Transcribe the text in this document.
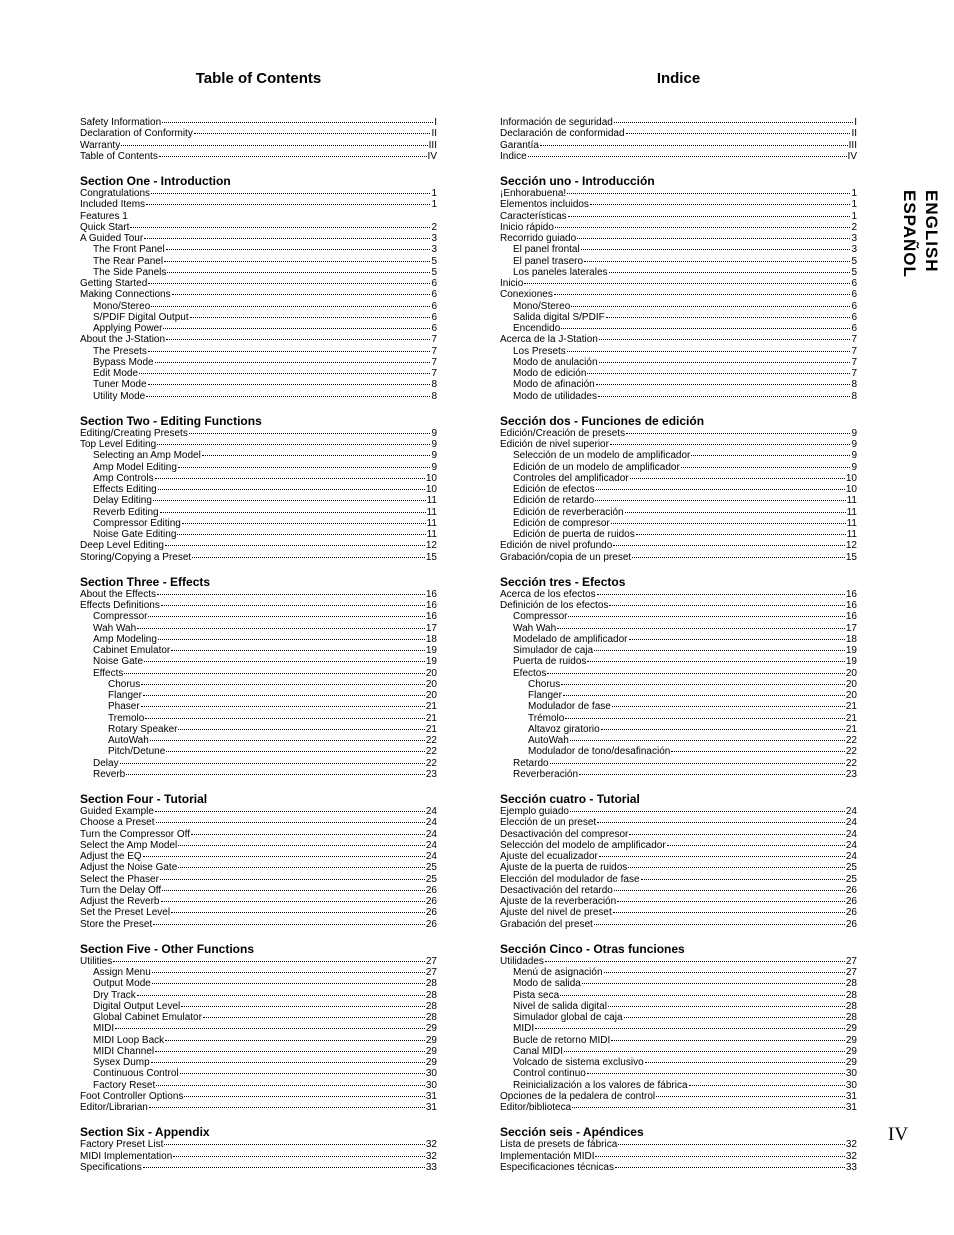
Table of Contents
Safety Information	I
Declaration of Conformity	II
Warranty	III
Table of Contents	IV
Section One - Introduction
Congratulations	1
Included Items	1
Features 1
Quick Start	2
A Guided Tour	3
The Front Panel	3
The Rear Panel	5
The Side Panels	5
Getting Started	6
Making Connections	6
Mono/Stereo	6
S/PDIF Digital Output	6
Applying Power	6
About the J-Station	7
The Presets	7
Bypass Mode	7
Edit Mode	7
Tuner Mode	8
Utility Mode	8
Section Two - Editing Functions
Editing/Creating Presets	9
Top Level Editing	9
Selecting an Amp Model	9
Amp Model Editing	9
Amp Controls	10
Effects Editing	10
Delay Editing	11
Reverb Editing	11
Compressor Editing	11
Noise Gate Editing	11
Deep Level Editing	12
Storing/Copying a Preset	15
Section Three - Effects
About the Effects	16
Effects Definitions	16
Compressor	16
Wah Wah	17
Amp Modeling	18
Cabinet Emulator	19
Noise Gate	19
Effects	20
Chorus	20
Flanger	20
Phaser	21
Tremolo	21
Rotary Speaker	21
AutoWah	22
Pitch/Detune	22
Delay	22
Reverb	23
Section Four - Tutorial
Guided Example	24
Choose a Preset	24
Turn the Compressor Off	24
Select the Amp Model	24
Adjust the EQ	24
Adjust the Noise Gate	25
Select the Phaser	25
Turn the Delay Off	26
Adjust the Reverb	26
Set the Preset Level	26
Store the Preset	26
Section Five - Other Functions
Utilities	27
Assign Menu	27
Output Mode	28
Dry Track	28
Digital Output Level	28
Global Cabinet Emulator	28
MIDI	29
MIDI Loop Back	29
MIDI Channel	29
Sysex Dump	29
Continuous Control	30
Factory Reset	30
Foot Controller Options	31
Editor/Librarian	31
Section Six - Appendix
Factory Preset List	32
MIDI Implementation	32
Specifications	33
Indice
Información de seguridad	I
Declaración de conformidad	II
Garantía	III
Indice	IV
Sección uno - Introducción
¡Enhorabuena!	1
Elementos incluidos	1
Características	1
Inicio rápido	2
Recorrido guiado	3
El panel frontal	3
El panel trasero	5
Los paneles laterales	5
Inicio	6
Conexiones	6
Mono/Stereo	6
Salida digital S/PDIF	6
Encendido	6
Acerca de la J-Station	7
Los Presets	7
Modo de anulación	7
Modo de edición	7
Modo de afinación	8
Modo de utilidades	8
Sección dos - Funciones de edición
Edición/Creación de presets	9
Edición de nivel superior	9
Selección de un modelo de amplificador	9
Edición de un modelo de amplificador	9
Controles del amplificador	10
Edición de efectos	10
Edición de retardo	11
Edición de reverberación	11
Edición de compresor	11
Edición de puerta de ruidos	11
Edición de nivel profundo	12
Grabación/copia de un preset	15
Sección tres - Efectos
Acerca de los efectos	16
Definición de los efectos	16
Compressor	16
Wah Wah	17
Modelado de amplificador	18
Simulador de caja	19
Puerta de ruidos	19
Efectos	20
Chorus	20
Flanger	20
Modulador de fase	21
Trémolo	21
Altavoz giratorio	21
AutoWah	22
Modulador de tono/desafinación	22
Retardo	22
Reverberación	23
Sección cuatro - Tutorial
Ejemplo guiado	24
Elección de un preset	24
Desactivación del compresor	24
Selección del modelo de amplificador	24
Ajuste del ecualizador	24
Ajuste de la puerta de ruidos	25
Elección del modulador de fase	25
Desactivación del retardo	26
Ajuste de la reverberación	26
Ajuste del nivel de preset	26
Grabación del preset	26
Sección Cinco - Otras funciones
Utilidades	27
Menú de asignación	27
Modo de salida	28
Pista seca	28
Nivel de salida digital	28
Simulador global de caja	28
MIDI	29
Bucle de retorno MIDI	29
Canal MIDI	29
Volcado de sistema exclusivo	29
Control continuo	30
Reinicialización a los valores de fábrica	30
Opciones de la pedalera de control	31
Editor/biblioteca	31
Sección seis - Apéndices
Lista de presets de fábrica	32
Implementación MIDI	32
Especificaciones técnicas	33
ENGLISH
ESPAÑOL
IV
